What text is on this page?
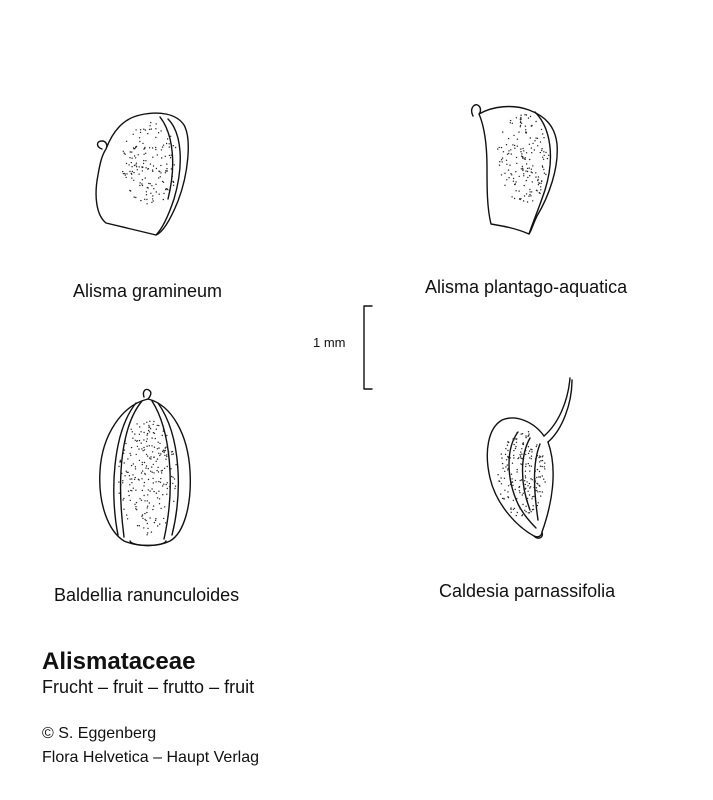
Alisma gramineum	Alisma plantago-aquatica
Baldellia ranunculoides	Caldesia parnassifolia
1 mm
Alismataceae
Frucht – fruit – frutto – fruit
© S. Eggenberg
Flora Helvetica – Haupt Verlag
